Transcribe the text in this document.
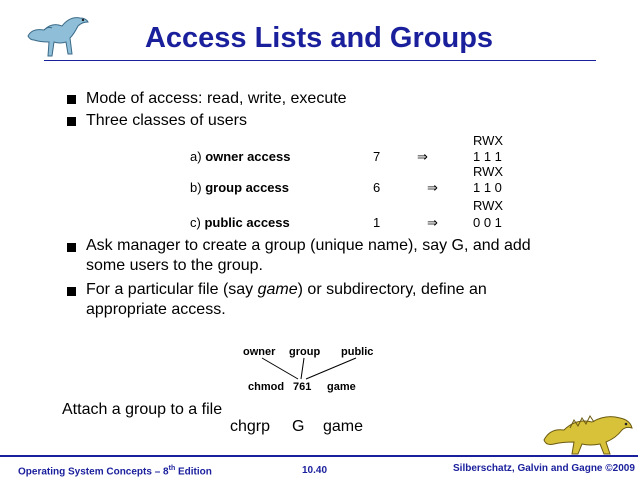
Access Lists and Groups
Mode of access: read, write, execute
Three classes of users
RWX
a) owner access	7	⇒	1 1 1
RWX
b) group access	6	⇒	1 1 0
RWX
c) public access	1	⇒	0 0 1
Ask manager to create a group (unique name), say G, and add
some users to the group.
For a particular file (say game) or subdirectory, define an
appropriate access.
owner group public
chmod 761 game
Attach a group to a file
chgrp G game
Operating System Concepts – 8th Edition	10.40	Silberschatz, Galvin and Gagne ©2009
